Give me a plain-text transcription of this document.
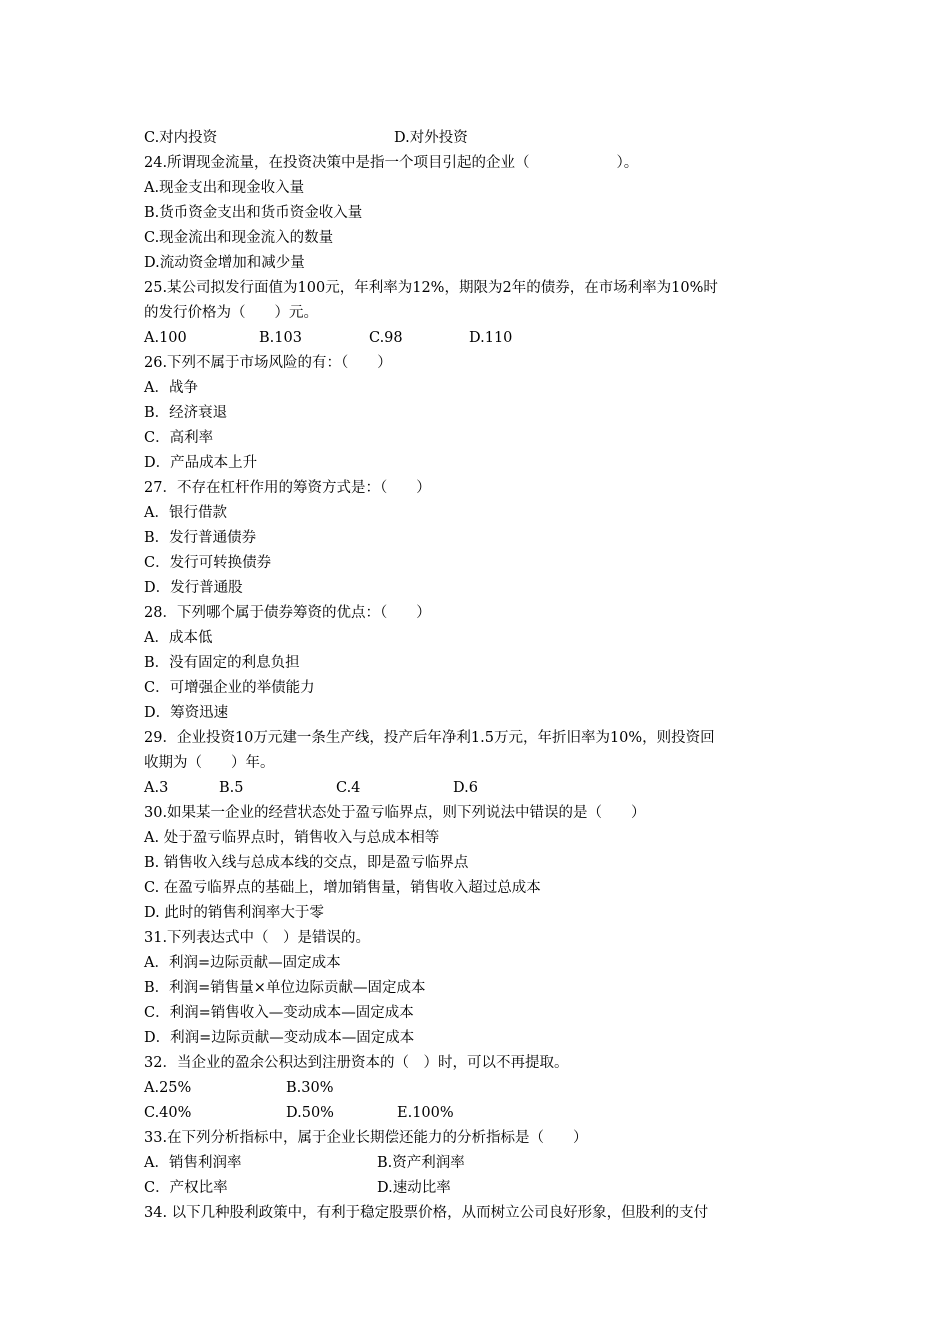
C.对内投资	D.对外投资
24.所谓现金流量，在投资决策中是指一个项目引起的企业（　　　　　　）。
A.现金支出和现金收入量
B.货币资金支出和货币资金收入量
C.现金流出和现金流入的数量
D.流动资金增加和减少量
25.某公司拟发行面值为100元，年利率为12%，期限为2年的债券，在市场利率为10%时
的发行价格为（　　）元。
A.100	B.103	C.98	D.110
26.下列不属于市场风险的有：（　　）
A．战争
B．经济衰退
C．高利率
D．产品成本上升
27．不存在杠杆作用的筹资方式是：（　　）
A．银行借款
B．发行普通债券
C．发行可转换债券
D．发行普通股
28．下列哪个属于债券筹资的优点：（　　）
A．成本低
B．没有固定的利息负担
C．可增强企业的举债能力
D．筹资迅速
29．企业投资10万元建一条生产线，投产后年净利1.5万元，年折旧率为10%，则投资回
收期为（　　）年。
A.3	B.5	C.4	D.6
30.如果某一企业的经营状态处于盈亏临界点，则下列说法中错误的是（　　）
A. 处于盈亏临界点时，销售收入与总成本相等
B. 销售收入线与总成本线的交点，即是盈亏临界点
C. 在盈亏临界点的基础上，增加销售量，销售收入超过总成本
D. 此时的销售利润率大于零
31.下列表达式中（　）是错误的。
A．利润=边际贡献—固定成本
B．利润=销售量×单位边际贡献—固定成本
C．利润=销售收入—变动成本—固定成本
D．利润=边际贡献—变动成本—固定成本
32．当企业的盈余公积达到注册资本的（　）时，可以不再提取。
A.25%	B.30%
C.40%	D.50%	E.100%
33.在下列分析指标中，属于企业长期偿还能力的分析指标是（　　）
A．销售利润率	B.资产利润率
C．产权比率	D.速动比率
34. 以下几种股利政策中，有利于稳定股票价格，从而树立公司良好形象，但股利的支付
